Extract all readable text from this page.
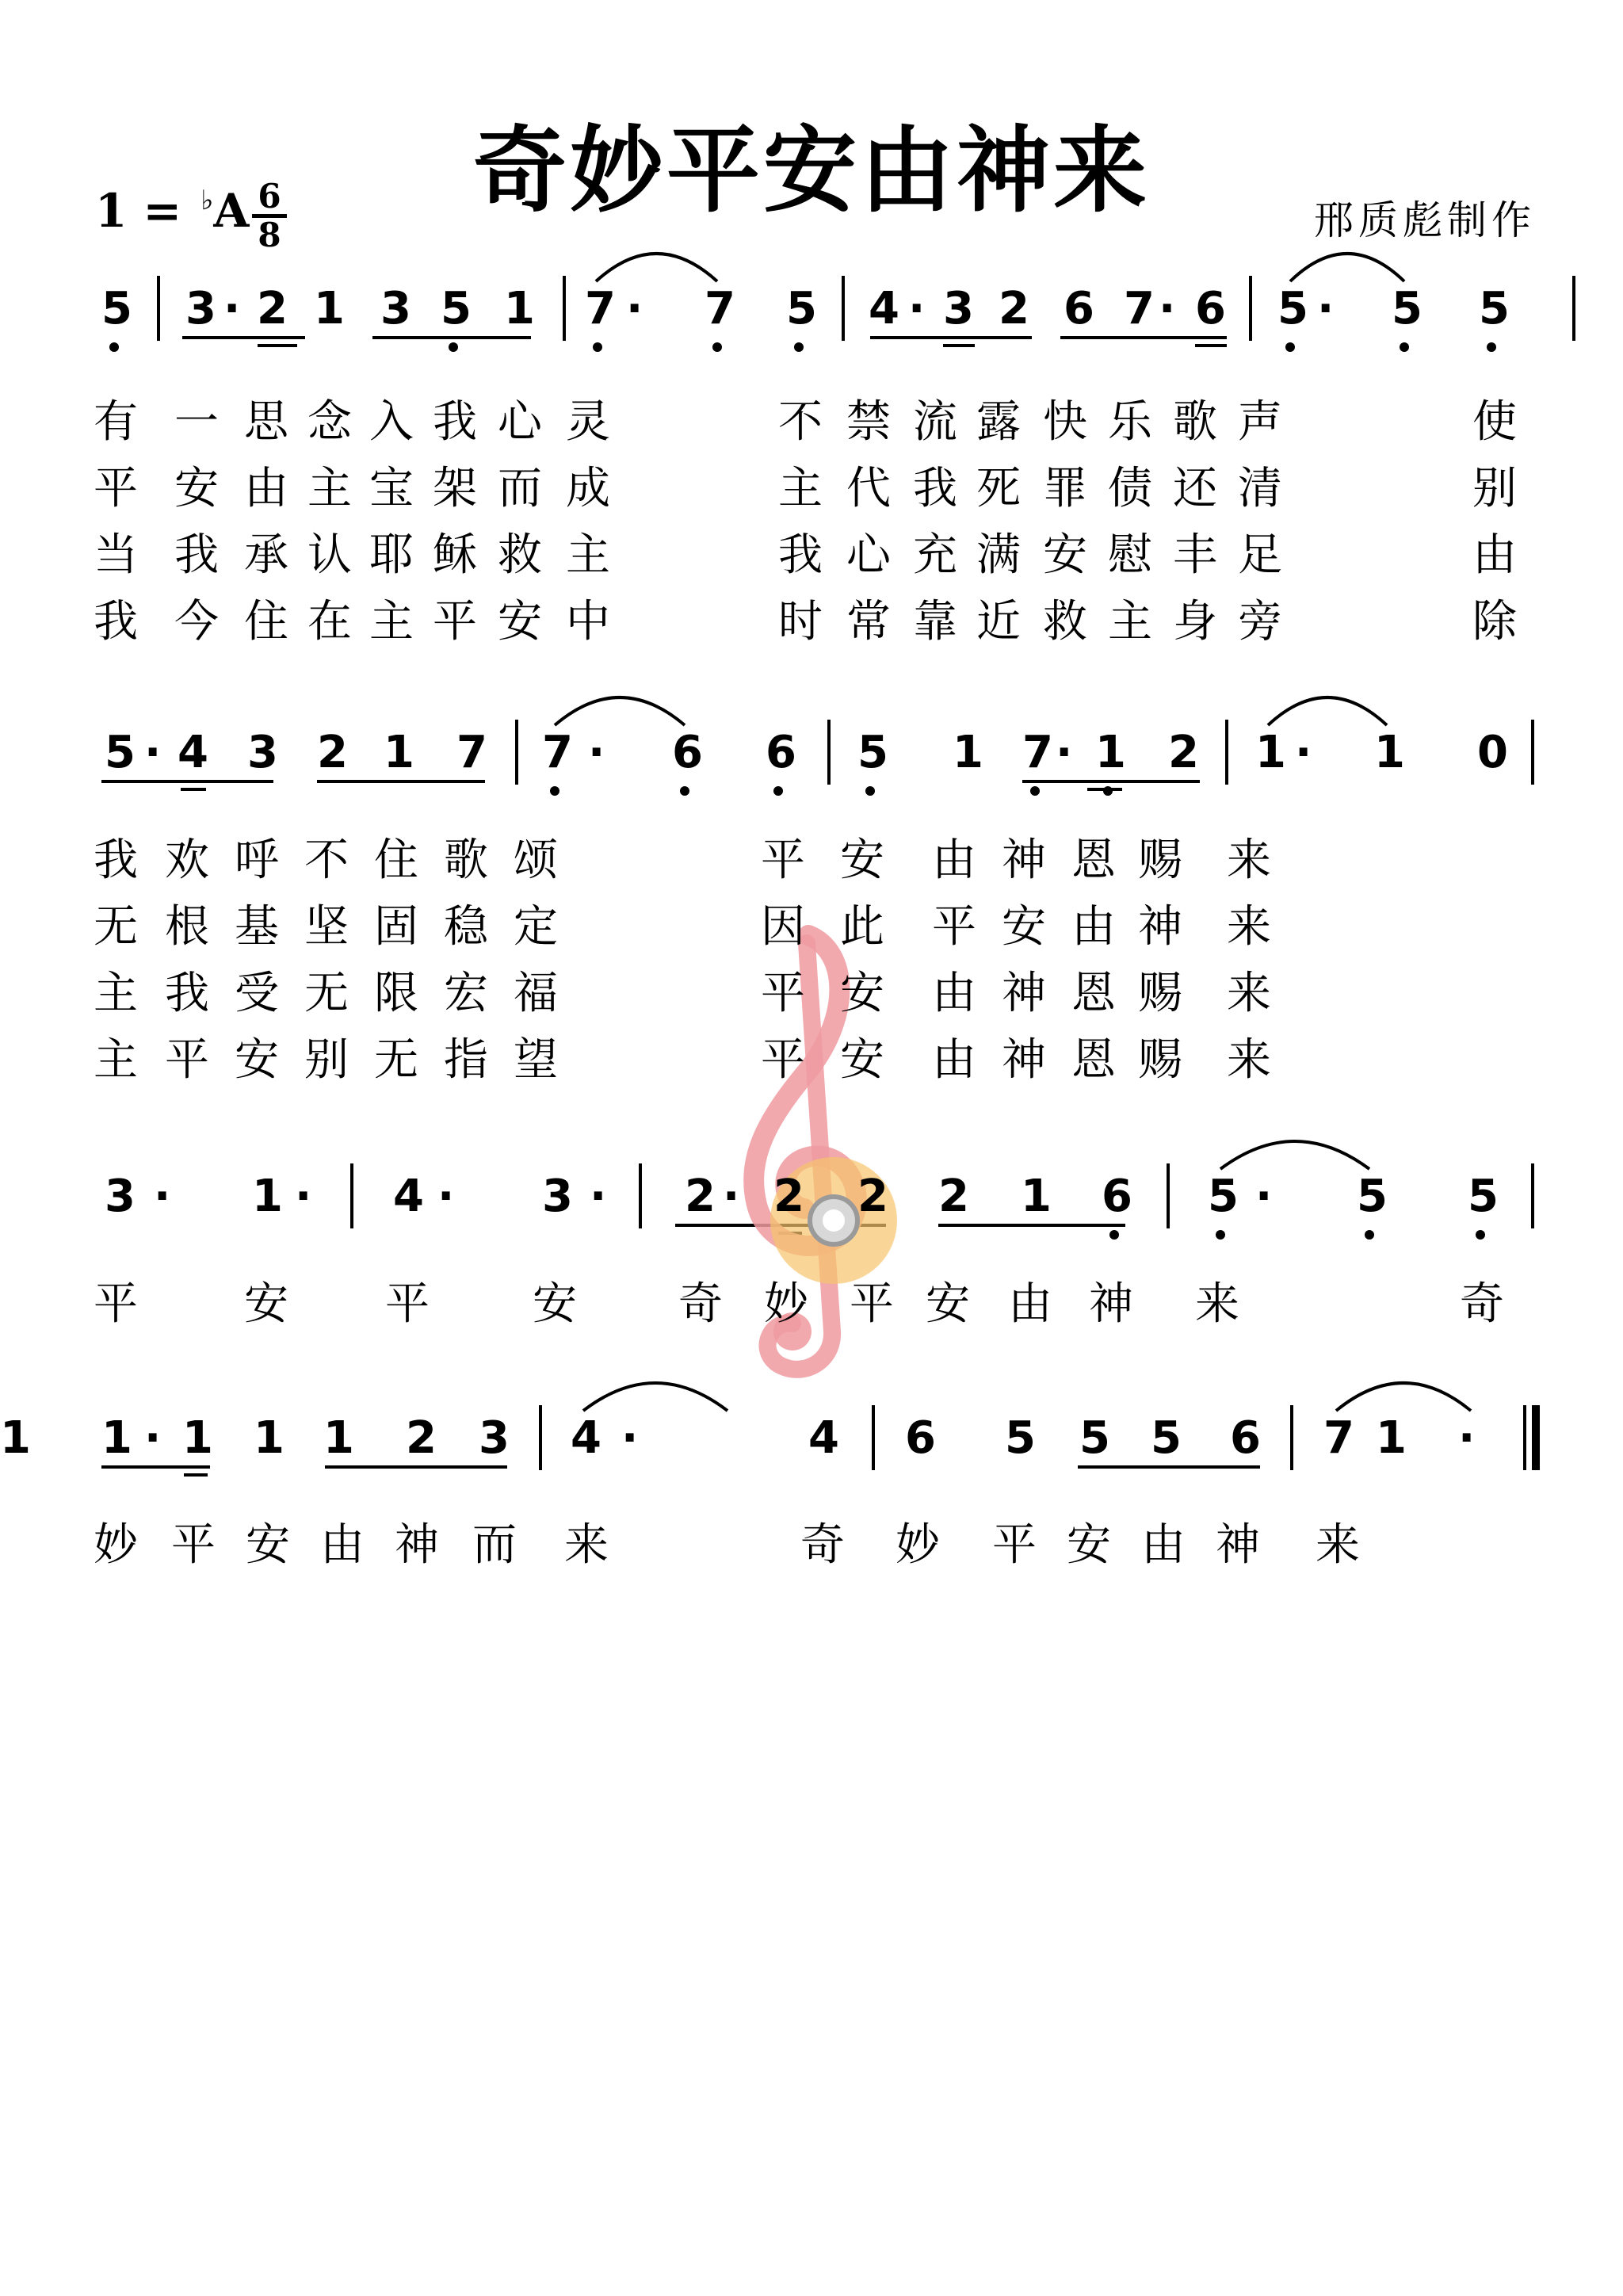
奇妙平安由神来	邢质彪制作
1 = ♭A 6
8
5 3 · 2 1 3 5 1 7 · 7 5 4 · 3 2 6 7 · 6 5 · 5 5
5 · 4 3 2 1 7 7 · 6 6 5 1 7 · 1 2 1 · 1 0
3 · 1 · 4 · 3 · 2 · 2 2 2 1 6 5 · 5 5
1 · 1 1 1 2 3 4 ·	4 6 5 5 5 6 7 1 ·
1
有 一 思 念 入 我 心 灵	不 禁 流 露 快 乐 歌 声	使
平 安 由 主 宝 架 而 成	主 代 我 死 罪 债 还 清	别
当 我 承 认 耶 稣 救 主	我 心 充 满 安 慰 丰 足	由
我 今 住 在 主 平 安 中	时 常 靠 近 救 主 身 旁	除
我 欢 呼 不 住 歌 颂	平 安 由 神 恩 赐 来
无 根 基 坚 固 稳 定	因 此 平 安 由 神 来
主 我 受 无 限 宏 福	平 安 由 神 恩 赐 来
主 平 安 别 无 指 望	平 安 由 神 恩 赐 来
平 安 平 安 奇 妙 平 安 由 神 来	奇
妙 平 安 由 神 而 来	奇 妙 平 安 由 神 来
